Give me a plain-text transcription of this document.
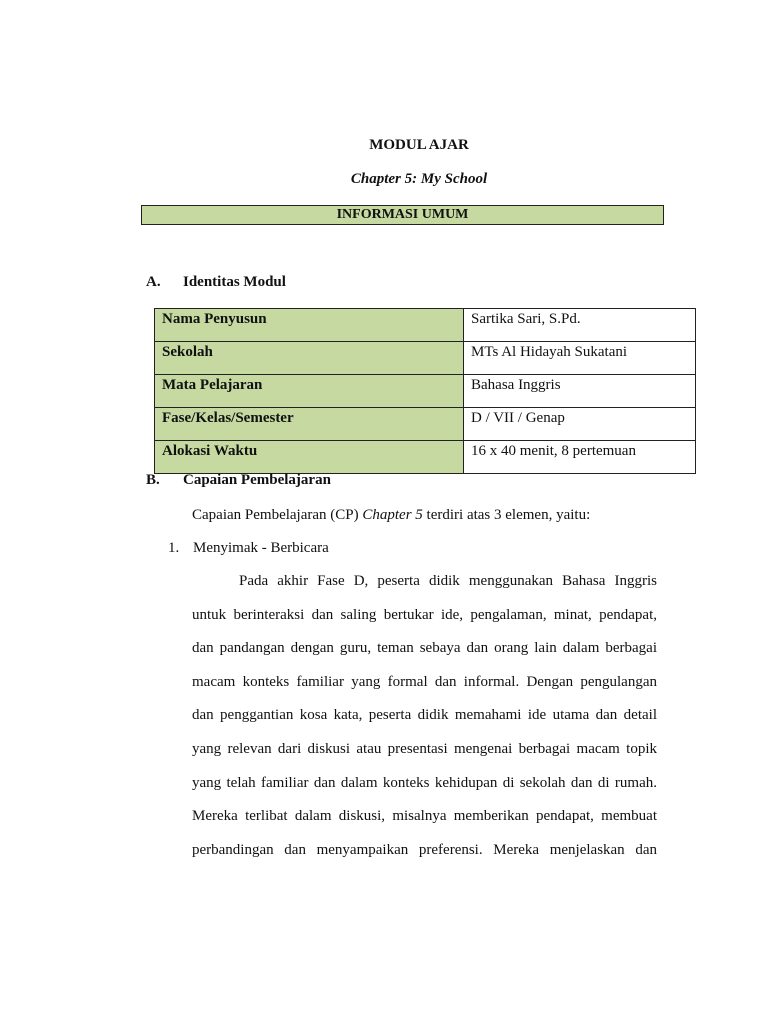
MODUL AJAR
Chapter 5: My School
INFORMASI UMUM
A. Identitas Modul
Nama Penyusun	Sartika Sari, S.Pd.
Sekolah	MTs Al Hidayah Sukatani
Mata Pelajaran	Bahasa Inggris
Fase/Kelas/Semester	D / VII / Genap
Alokasi Waktu	16 x 40 menit, 8 pertemuan
B. Capaian Pembelajaran
Capaian Pembelajaran (CP) Chapter 5 terdiri atas 3 elemen, yaitu:
1. Menyimak - Berbicara
Pada akhir Fase D, peserta didik menggunakan Bahasa Inggris
untuk berinteraksi dan saling bertukar ide, pengalaman, minat, pendapat,
dan pandangan dengan guru, teman sebaya dan orang lain dalam berbagai
macam konteks familiar yang formal dan informal. Dengan pengulangan
dan penggantian kosa kata, peserta didik memahami ide utama dan detail
yang relevan dari diskusi atau presentasi mengenai berbagai macam topik
yang telah familiar dan dalam konteks kehidupan di sekolah dan di rumah.
Mereka terlibat dalam diskusi, misalnya memberikan pendapat, membuat
perbandingan dan menyampaikan preferensi. Mereka menjelaskan dan
